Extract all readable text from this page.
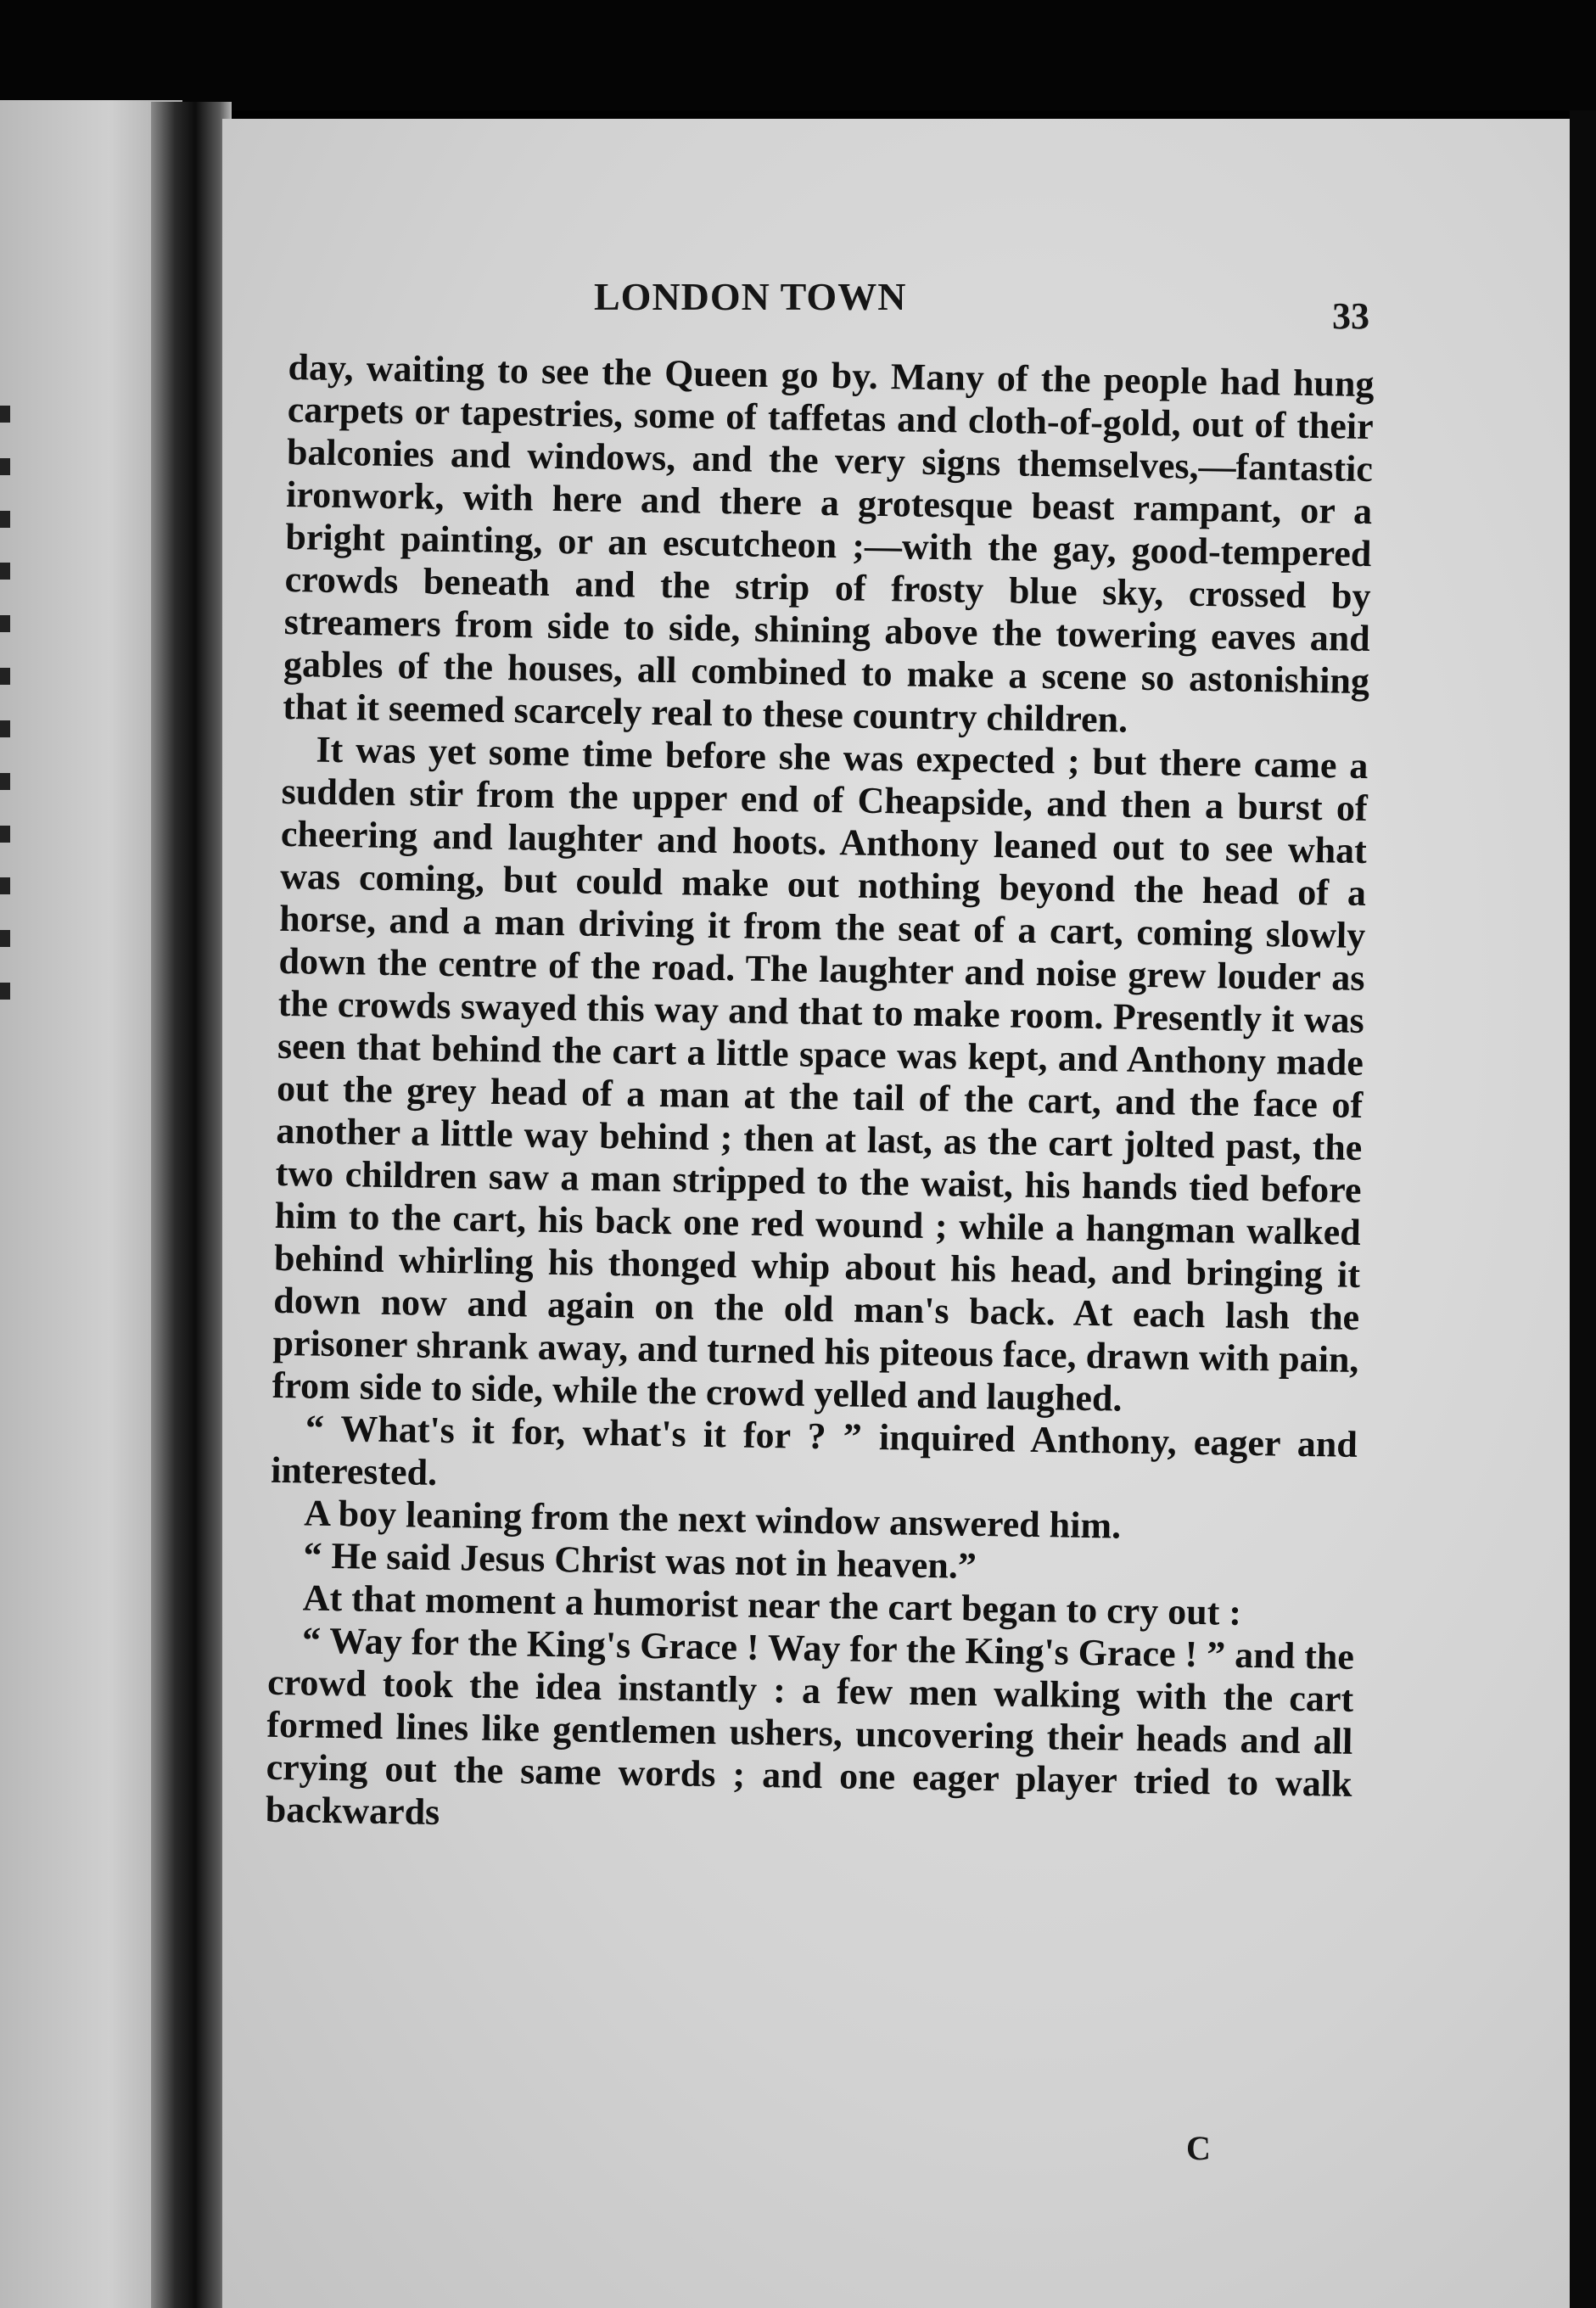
LONDON TOWN	33

day, waiting to see the Queen go by. Many of the people had hung carpets or tapestries, some of taffetas and cloth-of-gold, out of their balconies and windows, and the very signs themselves,—fantastic ironwork, with here and there a grotesque beast rampant, or a bright painting, or an escutcheon ;—with the gay, good-tempered crowds beneath and the strip of frosty blue sky, crossed by streamers from side to side, shining above the towering eaves and gables of the houses, all combined to make a scene so astonishing that it seemed scarcely real to these country children.

It was yet some time before she was expected ; but there came a sudden stir from the upper end of Cheapside, and then a burst of cheering and laughter and hoots. Anthony leaned out to see what was coming, but could make out nothing beyond the head of a horse, and a man driving it from the seat of a cart, coming slowly down the centre of the road. The laughter and noise grew louder as the crowds swayed this way and that to make room. Presently it was seen that behind the cart a little space was kept, and Anthony made out the grey head of a man at the tail of the cart, and the face of another a little way behind ; then at last, as the cart jolted past, the two children saw a man stripped to the waist, his hands tied before him to the cart, his back one red wound ; while a hangman walked behind whirling his thonged whip about his head, and bringing it down now and again on the old man's back. At each lash the prisoner shrank away, and turned his piteous face, drawn with pain, from side to side, while the crowd yelled and laughed.

“ What's it for, what's it for ? ” inquired Anthony, eager and interested.

A boy leaning from the next window answered him.

“ He said Jesus Christ was not in heaven.”

At that moment a humorist near the cart began to cry out :

“ Way for the King's Grace ! Way for the King's Grace ! ” and the crowd took the idea instantly : a few men walking with the cart formed lines like gentlemen ushers, uncovering their heads and all crying out the same words ; and one eager player tried to walk backwards

C
